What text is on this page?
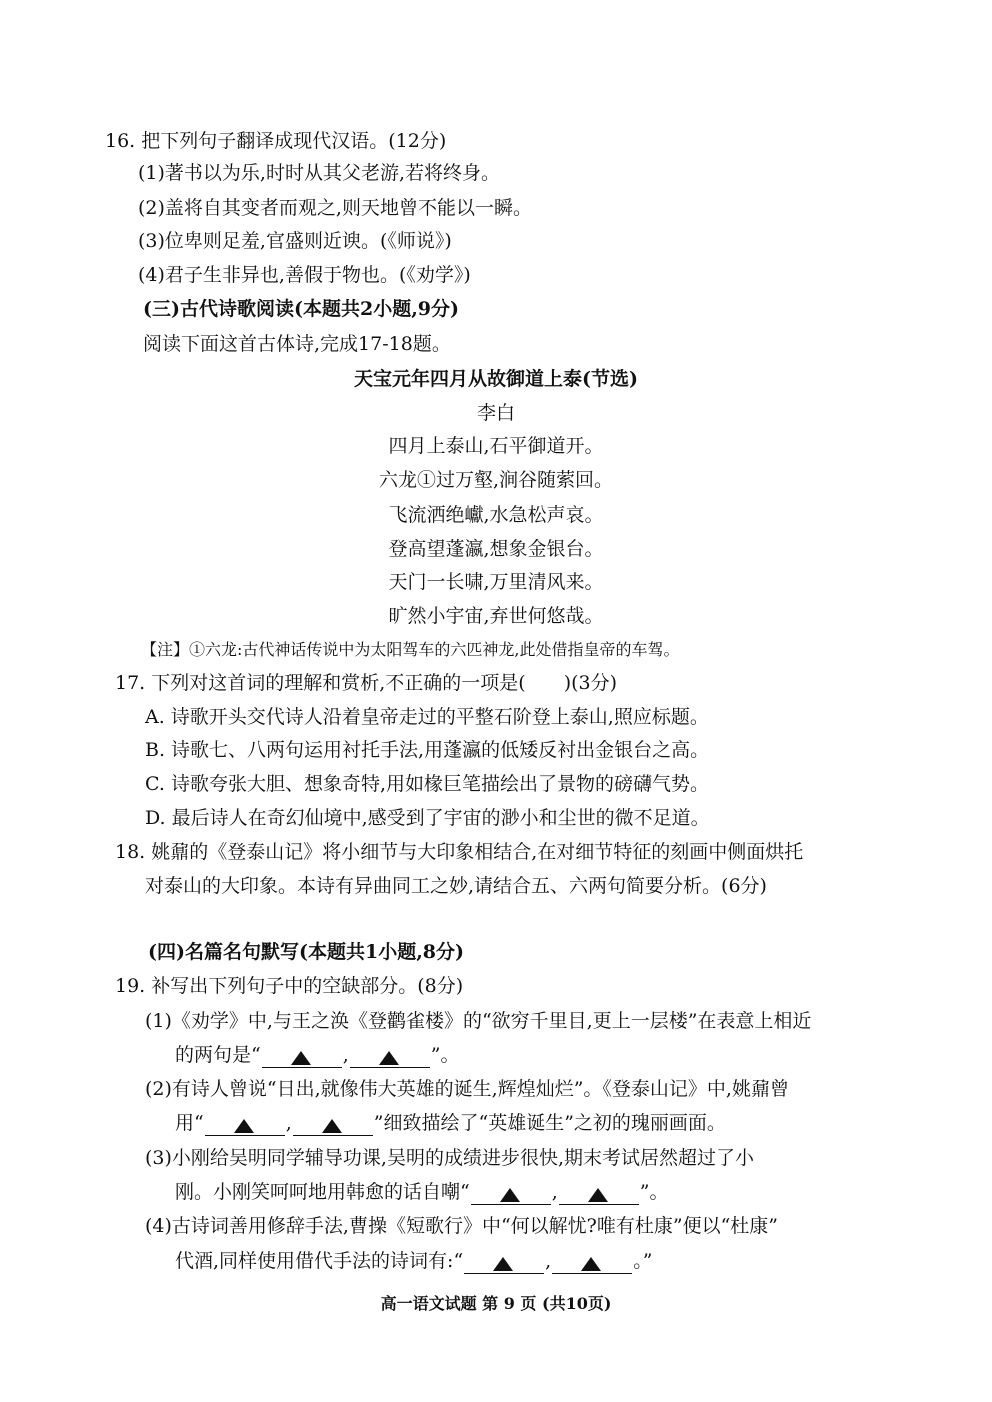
16. 把下列句子翻译成现代汉语。(12分)
(1)著书以为乐,时时从其父老游,若将终身。
(2)盖将自其变者而观之,则天地曾不能以一瞬。
(3)位卑则足羞,官盛则近谀。(《师说》)
(4)君子生非异也,善假于物也。(《劝学》)
(三)古代诗歌阅读(本题共2小题,9分)
阅读下面这首古体诗,完成17-18题。
天宝元年四月从故御道上泰(节选)
李白
四月上泰山,石平御道开。
六龙①过万壑,涧谷随萦回。
飞流洒绝巘,水急松声哀。
登高望蓬瀛,想象金银台。
天门一长啸,万里清风来。
旷然小宇宙,弃世何悠哉。
【注】①六龙:古代神话传说中为太阳驾车的六匹神龙,此处借指皇帝的车驾。
17. 下列对这首词的理解和赏析,不正确的一项是(　　)(3分)
A. 诗歌开头交代诗人沿着皇帝走过的平整石阶登上泰山,照应标题。
B. 诗歌七、八两句运用衬托手法,用蓬瀛的低矮反衬出金银台之高。
C. 诗歌夸张大胆、想象奇特,用如椽巨笔描绘出了景物的磅礴气势。
D. 最后诗人在奇幻仙境中,感受到了宇宙的渺小和尘世的微不足道。
18. 姚鼐的《登泰山记》将小细节与大印象相结合,在对细节特征的刻画中侧面烘托
对泰山的大印象。本诗有异曲同工之妙,请结合五、六两句简要分析。(6分)
(四)名篇名句默写(本题共1小题,8分)
19. 补写出下列句子中的空缺部分。(8分)
(1)《劝学》中,与王之涣《登鹳雀楼》的“欲穷千里目,更上一层楼”在表意上相近
的两句是“	,	”。
(2)有诗人曾说“日出,就像伟大英雄的诞生,辉煌灿烂”。《登泰山记》中,姚鼐曾
用“	,	”细致描绘了“英雄诞生”之初的瑰丽画面。
(3)小刚给吴明同学辅导功课,吴明的成绩进步很快,期末考试居然超过了小
刚。小刚笑呵呵地用韩愈的话自嘲“	,	”。
(4)古诗词善用修辞手法,曹操《短歌行》中“何以解忧?唯有杜康”便以“杜康”
代酒,同样使用借代手法的诗词有:“	,	。”
高一语文试题 第 9 页 (共10页)
